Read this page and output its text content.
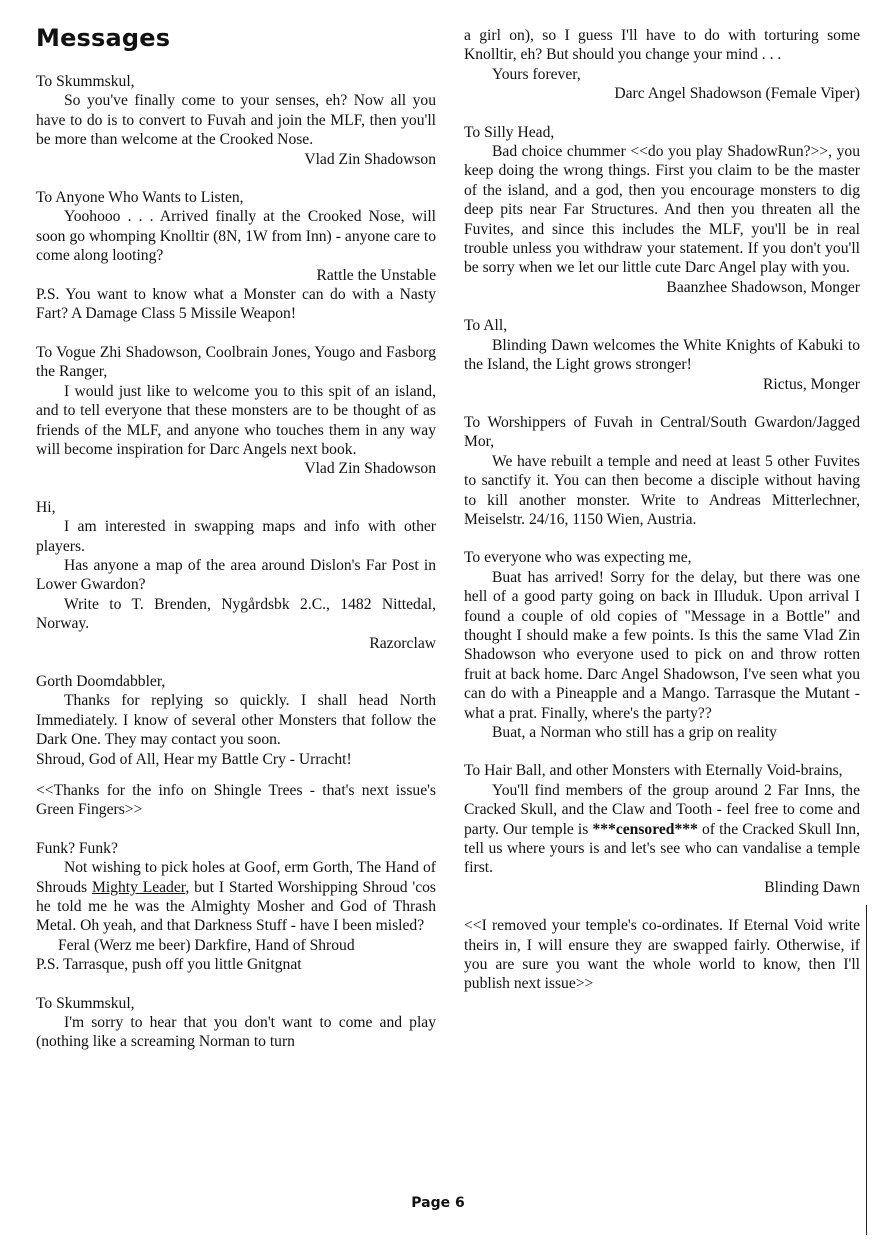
Messages

To Skummskul,

So you've finally come to your senses, eh? Now all you have to do is to convert to Fuvah and join the MLF, then you'll be more than welcome at the Crooked Nose.

Vlad Zin Shadowson

To Anyone Who Wants to Listen,

Yoohooo . . . Arrived finally at the Crooked Nose, will soon go whomping Knolltir (8N, 1W from Inn) - anyone care to come along looting?

Rattle the Unstable

P.S. You want to know what a Monster can do with a Nasty Fart? A Damage Class 5 Missile Weapon!

To Vogue Zhi Shadowson, Coolbrain Jones, Yougo and Fasborg the Ranger,

I would just like to welcome you to this spit of an island, and to tell everyone that these monsters are to be thought of as friends of the MLF, and anyone who touches them in any way will become inspiration for Darc Angels next book.

Vlad Zin Shadowson

Hi,

I am interested in swapping maps and info with other players.

Has anyone a map of the area around Dislon's Far Post in Lower Gwardon?

Write to T. Brenden, Nygårdsbk 2.C., 1482 Nittedal, Norway.

Razorclaw

Gorth Doomdabbler,

Thanks for replying so quickly. I shall head North Immediately. I know of several other Monsters that follow the Dark One. They may contact you soon.

Shroud, God of All, Hear my Battle Cry - Urracht!

<<Thanks for the info on Shingle Trees - that's next issue's Green Fingers>>

Funk? Funk?

Not wishing to pick holes at Goof, erm Gorth, The Hand of Shrouds Mighty Leader, but I Started Worshipping Shroud 'cos he told me he was the Almighty Mosher and God of Thrash Metal. Oh yeah, and that Darkness Stuff - have I been misled?

Feral (Werz me beer) Darkfire, Hand of Shroud

P.S. Tarrasque, push off you little Gnitgnat

To Skummskul,

I'm sorry to hear that you don't want to come and play (nothing like a screaming Norman to turn

a girl on), so I guess I'll have to do with torturing some Knolltir, eh? But should you change your mind . . .

Yours forever,

Darc Angel Shadowson (Female Viper)

To Silly Head,

Bad choice chummer <<do you play ShadowRun?>>, you keep doing the wrong things. First you claim to be the master of the island, and a god, then you encourage monsters to dig deep pits near Far Structures. And then you threaten all the Fuvites, and since this includes the MLF, you'll be in real trouble unless you withdraw your statement. If you don't you'll be sorry when we let our little cute Darc Angel play with you.

Baanzhee Shadowson, Monger

To All,

Blinding Dawn welcomes the White Knights of Kabuki to the Island, the Light grows stronger!

Rictus, Monger

To Worshippers of Fuvah in Central/South Gwardon/Jagged Mor,

We have rebuilt a temple and need at least 5 other Fuvites to sanctify it. You can then become a disciple without having to kill another monster. Write to Andreas Mitterlechner, Meiselstr. 24/16, 1150 Wien, Austria.

To everyone who was expecting me,

Buat has arrived! Sorry for the delay, but there was one hell of a good party going on back in Illuduk. Upon arrival I found a couple of old copies of "Message in a Bottle" and thought I should make a few points. Is this the same Vlad Zin Shadowson who everyone used to pick on and throw rotten fruit at back home. Darc Angel Shadowson, I've seen what you can do with a Pineapple and a Mango. Tarrasque the Mutant - what a prat. Finally, where's the party??

Buat, a Norman who still has a grip on reality

To Hair Ball, and other Monsters with Eternally Void-brains,

You'll find members of the group around 2 Far Inns, the Cracked Skull, and the Claw and Tooth - feel free to come and party. Our temple is ***censored*** of the Cracked Skull Inn, tell us where yours is and let's see who can vandalise a temple first.

Blinding Dawn

<<I removed your temple's co-ordinates. If Eternal Void write theirs in, I will ensure they are swapped fairly. Otherwise, if you are sure you want the whole world to know, then I'll publish next issue>>

Page 6
